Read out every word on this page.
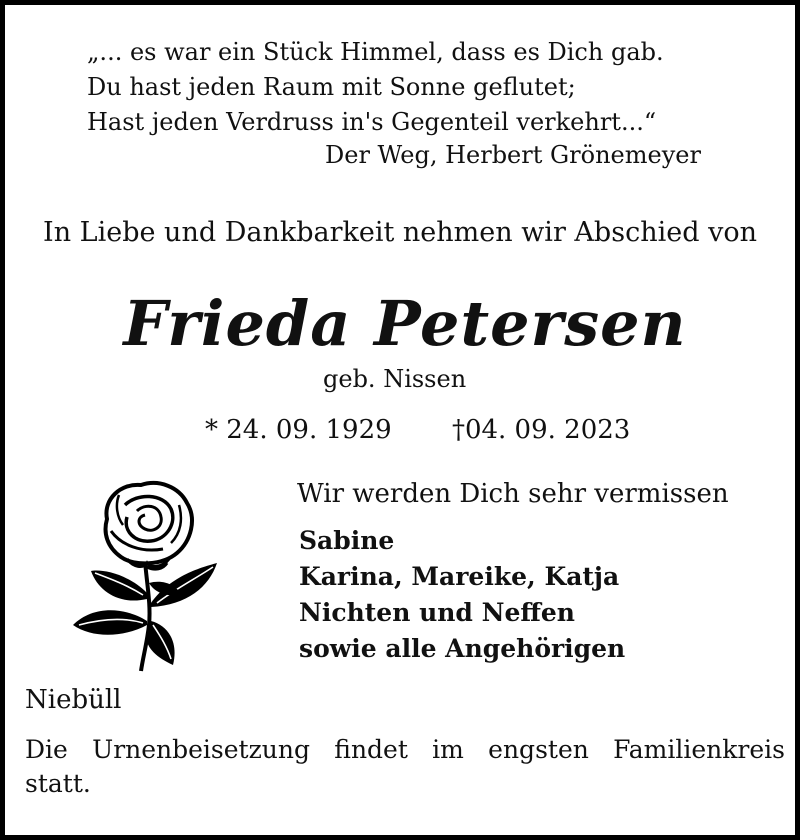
„... es war ein Stück Himmel, dass es Dich gab.
Du hast jeden Raum mit Sonne geflutet;
Hast jeden Verdruss in's Gegenteil verkehrt...“
Der Weg, Herbert Grönemeyer
In Liebe und Dankbarkeit nehmen wir Abschied von
Frieda Petersen
geb. Nissen
* 24. 09. 1929 †04. 09. 2023
Wir werden Dich sehr vermissen
Sabine
Karina, Mareike, Katja
Nichten und Neffen
sowie alle Angehörigen
Niebüll
Die Urnenbeisetzung findet im engsten Familienkreis statt.
